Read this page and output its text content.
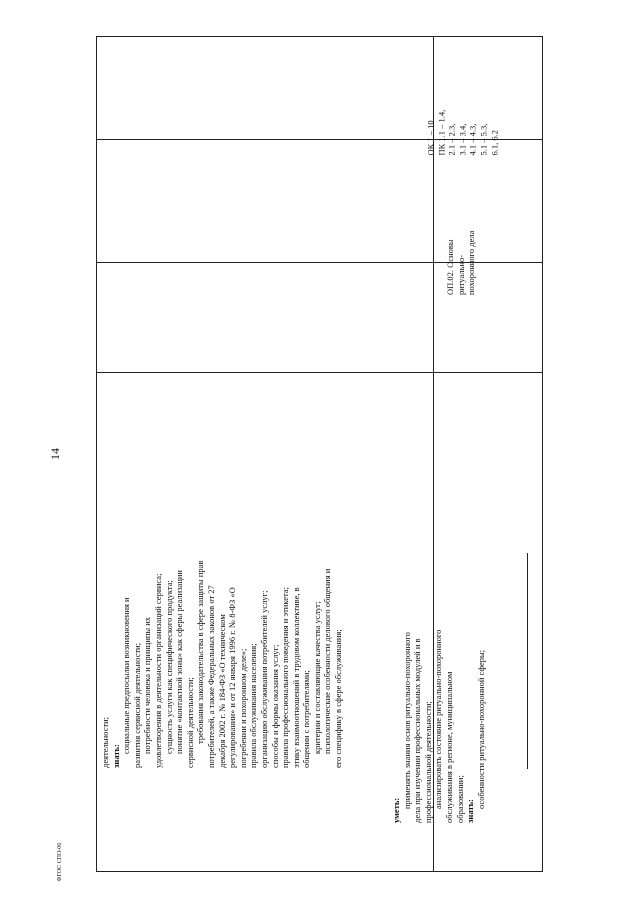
14
деятельности; знать:
социальные предпосылки возникновения и развития сервисной деятельности; потребности человека и принципы их удовлетворения в деятельности организаций сервиса; сущность услуги как специфического продукта; понятие «контактной зоны» как сферы реализации сервисной деятельности; требования законодательства в сфере защиты прав потребителей, а также Федеральных законов от 27 декабря 2002 г. № 184-ФЗ «О техническом регулировании» и от 12 января 1996 г. № 8-ФЗ «О погребении и похоронном деле»; правила обслуживания населения; организацию обслуживания потребителей услуг; способы и формы оказания услуг; правила профессионального поведения и этикета; этику взаимоотношений в трудовом коллективе, в общении с потребителями; критерии и составляющие качества услуг; психологические особенности делового общения и его специфику в сфере обслуживания;
уметь:
применять знания основ ритуально-похоронного дела при изучении профессиональных модулей и в профессиональной деятельности; анализировать состояние ритуально-похоронного обслуживания в регионе, муниципальном образовании; знать:
особенности ритуально-похоронной сферы;
ОП.02. Основы ритуально- похоронного дела
ОК 1 – 10 ПК 1.1 – 1.4, 2.1 – 2.3, 3.1 – 3.4, 4.1 – 4.3, 5.1 – 5.3, 6.1, 6.2
ФГОС СПО-06
